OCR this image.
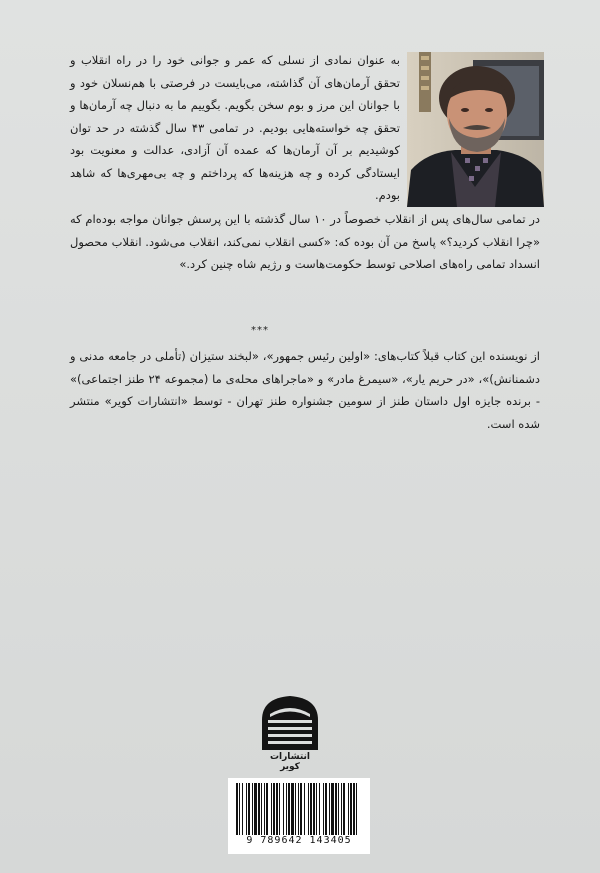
به عنوان نمادی از نسلی که عمر و جوانی خود را در راه انقلاب و تحقق آرمان‌های آن گذاشته، می‌بایست در فرصتی با هم‌نسلان خود و با جوانان این مرز و بوم سخن بگویم. بگوییم ما به دنبال چه آرمان‌ها و تحقق چه خواسته‌هایی بودیم. در تمامی ۴۳ سال گذشته در حد توان کوشیدیم بر آن آرمان‌ها که عمده آن آزادی، عدالت و معنویت بود ایستادگی کرده و چه هزینه‌ها که پرداختم و چه بی‌مهری‌ها که شاهد بودم.
در تمامی سال‌های پس از انقلاب خصوصاً در ۱۰ سال گذشته با این پرسش جوانان مواجه بوده‌ام که «چرا انقلاب کردید؟» پاسخ من آن بوده که: «کسی انقلاب نمی‌کند، انقلاب می‌شود. انقلاب محصول انسداد تمامی راه‌های اصلاحی توسط حکومت‌هاست و رژیم شاه چنین کرد.»
***
از نویسنده این کتاب قبلاً کتاب‌های: «اولین رئیس جمهور»، «لبخند ستیزان (تأملی در جامعه مدنی و دشمنانش)»، «در حریم یار»، «سیمرغ مادر» و «ماجراهای محله‌ی ما (مجموعه ۲۴ طنز اجتماعی)» - برنده جایزه اول داستان طنز از سومین جشنواره طنز تهران - توسط «انتشارات کویر» منتشر شده است.
انتشارات کویر
9 789642 143405
